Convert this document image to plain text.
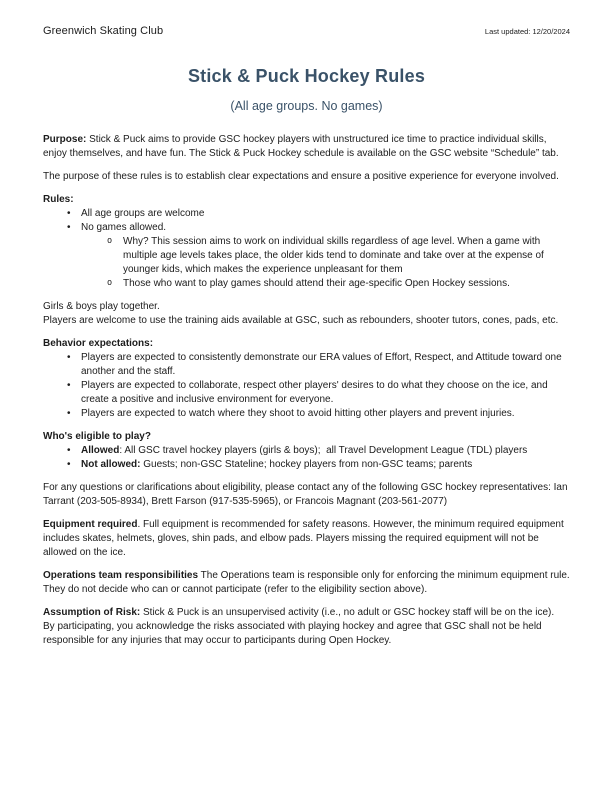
Greenwich Skating Club	Last updated: 12/20/2024
Stick & Puck Hockey Rules
(All age groups. No games)

Purpose: Stick & Puck aims to provide GSC hockey players with unstructured ice time to practice individual skills, enjoy themselves, and have fun. The Stick & Puck Hockey schedule is available on the GSC website “Schedule” tab.

The purpose of these rules is to establish clear expectations and ensure a positive experience for everyone involved.

Rules:

• All age groups are welcome
• No games allowed.
o Why? This session aims to work on individual skills regardless of age level. When a game with multiple age levels takes place, the older kids tend to dominate and take over at the expense of younger kids, which makes the experience unpleasant for them
o Those who want to play games should attend their age-specific Open Hockey sessions.
Girls & boys play together.
Players are welcome to use the training aids available at GSC, such as rebounders, shooter tutors, cones, pads, etc.

Behavior expectations:

• Players are expected to consistently demonstrate our ERA values of Effort, Respect, and Attitude toward one another and the staff.
• Players are expected to collaborate, respect other players' desires to do what they choose on the ice, and create a positive and inclusive environment for everyone.
• Players are expected to watch where they shoot to avoid hitting other players and prevent injuries.

Who's eligible to play?

• Allowed: All GSC travel hockey players (girls & boys);  all Travel Development League (TDL) players
• Not allowed: Guests; non-GSC Stateline; hockey players from non-GSC teams; parents

For any questions or clarifications about eligibility, please contact any of the following GSC hockey representatives: Ian Tarrant (203-505-8934), Brett Farson (917-535-5965), or Francois Magnant (203-561-2077)

Equipment required. Full equipment is recommended for safety reasons. However, the minimum required equipment includes skates, helmets, gloves, shin pads, and elbow pads. Players missing the required equipment will not be allowed on the ice.

Operations team responsibilities The Operations team is responsible only for enforcing the minimum equipment rule. They do not decide who can or cannot participate (refer to the eligibility section above).

Assumption of Risk: Stick & Puck is an unsupervised activity (i.e., no adult or GSC hockey staff will be on the ice).  By participating, you acknowledge the risks associated with playing hockey and agree that GSC shall not be held responsible for any injuries that may occur to participants during Open Hockey.
